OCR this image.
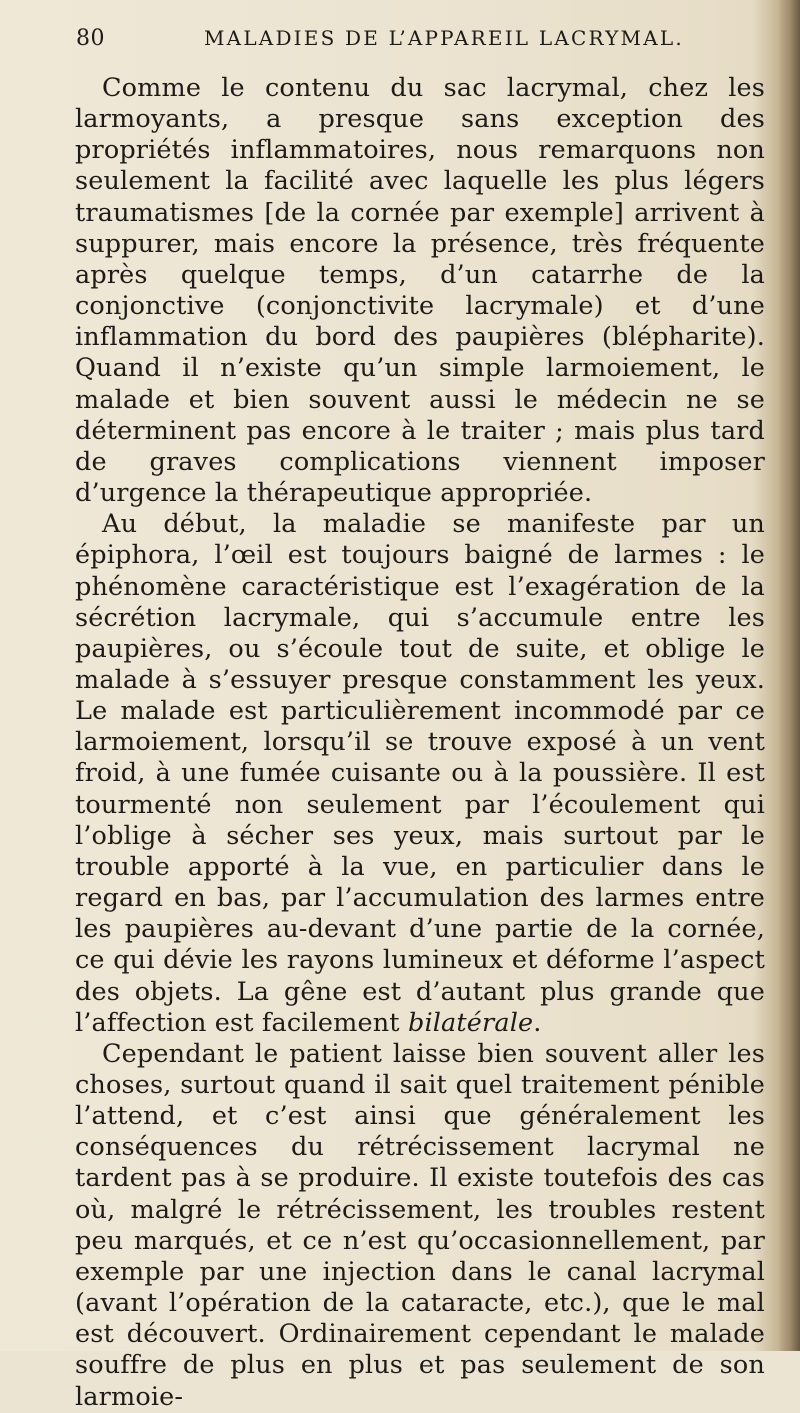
80	MALADIES DE L’APPAREIL LACRYMAL.

Comme le contenu du sac lacrymal, chez les larmoyants, a presque sans exception des propriétés inflammatoires, nous remarquons non seulement la facilité avec laquelle les plus légers traumatismes [de la cornée par exemple] arrivent à suppurer, mais encore la présence, très fréquente après quelque temps, d’un catarrhe de la conjonctive (conjonctivite lacrymale) et d’une inflammation du bord des paupières (blépharite). Quand il n’existe qu’un simple larmoiement, le malade et bien souvent aussi le médecin ne se déterminent pas encore à le traiter ; mais plus tard de graves complications viennent imposer d’urgence la thérapeutique appropriée.

Au début, la maladie se manifeste par un épiphora, l’œil est toujours baigné de larmes : le phénomène caractéristique est l’exagération de la sécrétion lacrymale, qui s’accumule entre les paupières, ou s’écoule tout de suite, et oblige le malade à s’essuyer presque constamment les yeux. Le malade est particulièrement incommodé par ce larmoiement, lorsqu’il se trouve exposé à un vent froid, à une fumée cuisante ou à la poussière. Il est tourmenté non seulement par l’écoulement qui l’oblige à sécher ses yeux, mais surtout par le trouble apporté à la vue, en particulier dans le regard en bas, par l’accumulation des larmes entre les paupières au-devant d’une partie de la cornée, ce qui dévie les rayons lumineux et déforme l’aspect des objets. La gêne est d’autant plus grande que l’affection est facilement bilatérale.

Cependant le patient laisse bien souvent aller les choses, surtout quand il sait quel traitement pénible l’attend, et c’est ainsi que généralement les conséquences du rétrécissement lacrymal ne tardent pas à se produire. Il existe toutefois des cas où, malgré le rétrécissement, les troubles restent peu marqués, et ce n’est qu’occasionnellement, par exemple par une injection dans le canal lacrymal (avant l’opération de la cataracte, etc.), que le mal est découvert. Ordinairement cependant le malade souffre de plus en plus et pas seulement de son larmoie-
